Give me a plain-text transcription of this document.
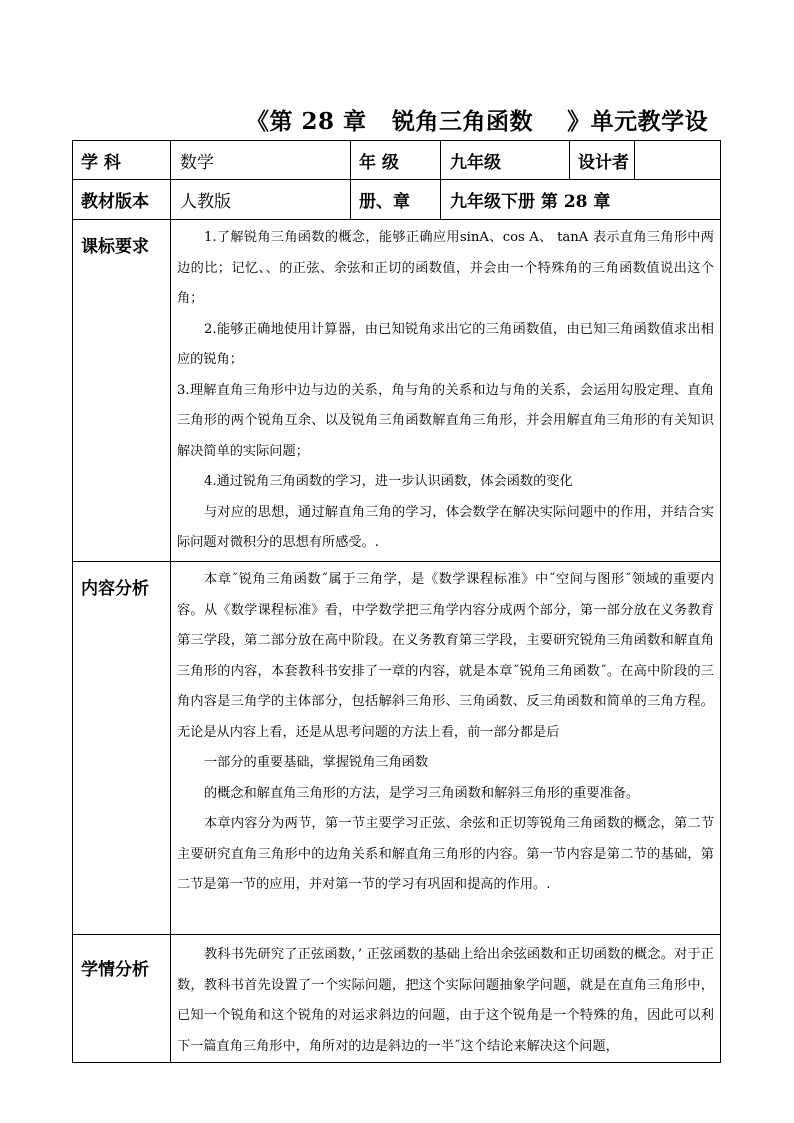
《第 28 章   锐角三角函数    》单元教学设
学 科	数学	年 级	九年级	设计者	
教材版本	人教版	册、章	九年级下册 第 28 章		
课标要求	1.了解锐角三角函数的概念，能够正确应用sinA、cos A、 tanA 表示直角三角形中两边的比；记忆、、的正弦、余弦和正切的函数值，并会由一个特殊角的三角函数值说出这个角；

2.能够正确地使用计算器，由已知锐角求出它的三角函数值，由已知三角函数值求出相应的锐角；

3.理解直角三角形中边与边的关系，角与角的关系和边与角的关系，会运用勾股定理、直角三角形的两个锐角互余、以及锐角三角函数解直角三角形，并会用解直角三角形的有关知识解决简单的实际问题；

4.通过锐角三角函数的学习，进一步认识函数，体会函数的变化

与对应的思想，通过解直角三角的学习，体会数学在解决实际问题中的作用，并结合实际问题对微积分的思想有所感受。.				

内容分析	本章˝锐角三角函数˝属于三角学，是《数学课程标准》中˝空间与图形˝领域的重要内容。从《数学课程标准》看，中学数学把三角学内容分成两个部分，第一部分放在义务教育第三学段，第二部分放在高中阶段。在义务教育第三学段，主要研究锐角三角函数和解直角三角形的内容，本套教科书安排了一章的内容，就是本章˝锐角三角函数˝。在高中阶段的三角内容是三角学的主体部分，包括解斜三角形、三角函数、反三角函数和简单的三角方程。无论是从内容上看，还是从思考问题的方法上看，前一部分都是后

一部分的重要基础，掌握锐角三角函数

的概念和解直角三角形的方法，是学习三角函数和解斜三角形的重要准备。

本章内容分为两节，第一节主要学习正弦、余弦和正切等锐角三角函数的概念，第二节主要研究直角三角形中的边角关系和解直角三角形的内容。第一节内容是第二节的基础，第二节是第一节的应用，并对第一节的学习有巩固和提高的作用。.				

学情分析	教科书先研究了正弦函数，’ 正弦函数的基础上给出余弦函数和正切函数的概念。对于正数，教科书首先设置了一个实际问题，把这个实际问题抽象学问题，就是在直角三角形中，已知一个锐角和这个锐角的对运求斜边的问题，由于这个锐角是一个特殊的角，因此可以利下一篇直角三角形中，角所对的边是斜边的一半˝这个结论来解决这个问题，				
